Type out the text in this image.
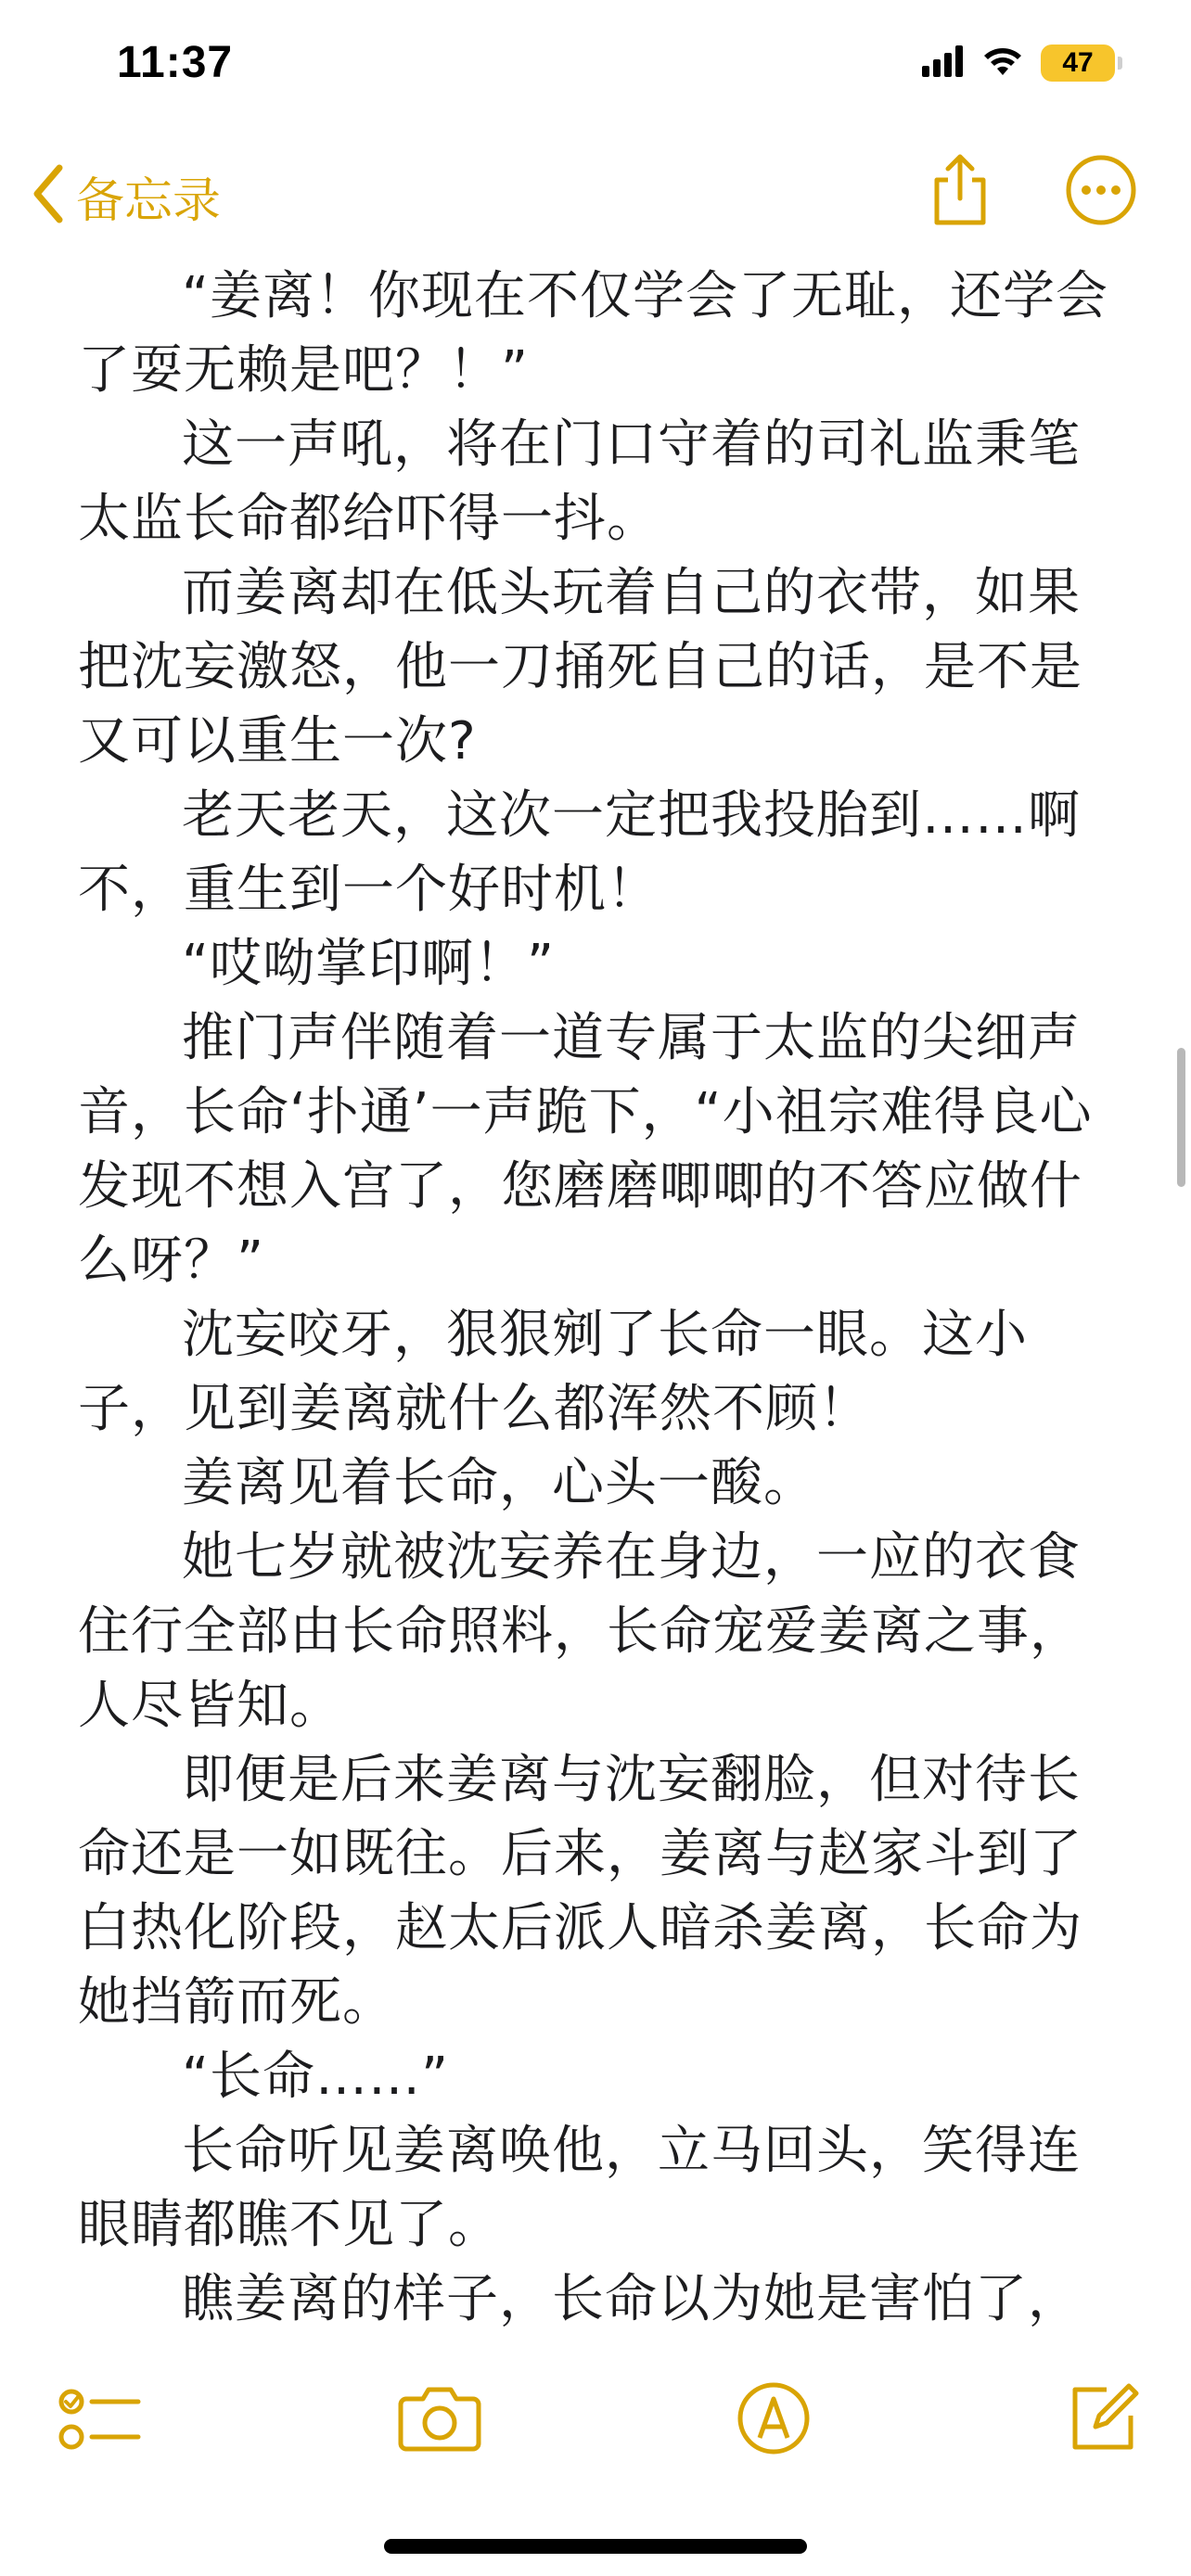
“姜离！你现在不仅学会了无耻，还学会了耍无赖是吧？！”

这一声吼，将在门口守着的司礼监秉笔太监长命都给吓得一抖。

而姜离却在低头玩着自己的衣带，如果把沈妄激怒，他一刀捅死自己的话，是不是又可以重生一次?

老天老天，这次一定把我投胎到……啊不，重生到一个好时机！

“哎呦掌印啊！”

推门声伴随着一道专属于太监的尖细声音，长命‘扑通’一声跪下，“小祖宗难得良心发现不想入宫了，您磨磨唧唧的不答应做什么呀？”

沈妄咬牙，狠狠剜了长命一眼。这小子，见到姜离就什么都浑然不顾！

姜离见着长命，心头一酸。

她七岁就被沈妄养在身边，一应的衣食住行全部由长命照料，长命宠爱姜离之事，人尽皆知。

即便是后来姜离与沈妄翻脸，但对待长命还是一如既往。后来，姜离与赵家斗到了白热化阶段，赵太后派人暗杀姜离，长命为她挡箭而死。

“长命……”

长命听见姜离唤他，立马回头，笑得连眼睛都瞧不见了。

瞧姜离的样子，长命以为她是害怕了，

11:37	47
备忘录
